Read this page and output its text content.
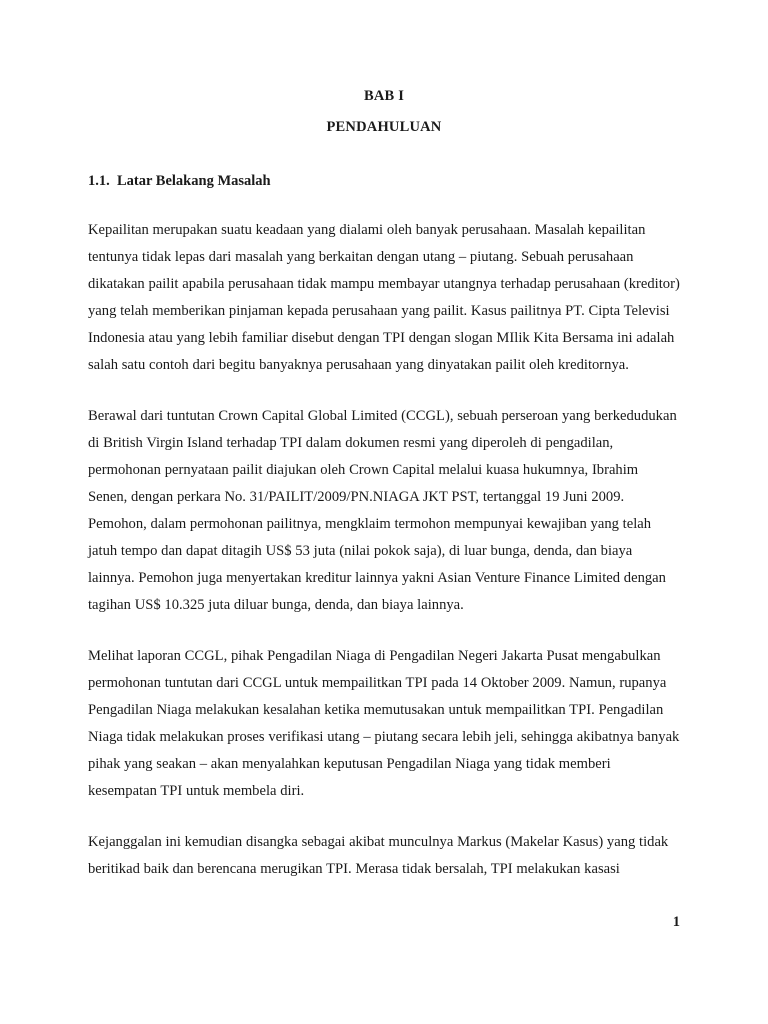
BAB I
PENDAHULUAN
1.1.  Latar Belakang Masalah

Kepailitan merupakan suatu keadaan yang dialami oleh banyak perusahaan. Masalah kepailitan tentunya tidak lepas dari masalah yang berkaitan dengan utang – piutang. Sebuah perusahaan dikatakan pailit apabila perusahaan tidak mampu membayar utangnya terhadap perusahaan (kreditor) yang telah memberikan pinjaman kepada perusahaan yang pailit. Kasus pailitnya PT. Cipta Televisi Indonesia atau yang lebih familiar disebut dengan TPI dengan slogan MIlik Kita Bersama ini adalah salah satu contoh dari begitu banyaknya perusahaan yang dinyatakan pailit oleh kreditornya.

Berawal dari tuntutan Crown Capital Global Limited (CCGL), sebuah perseroan yang berkedudukan di British Virgin Island terhadap TPI dalam dokumen resmi yang diperoleh di pengadilan, permohonan pernyataan pailit diajukan oleh Crown Capital melalui kuasa hukumnya, Ibrahim Senen, dengan perkara No. 31/PAILIT/2009/PN.NIAGA JKT PST, tertanggal 19 Juni 2009. Pemohon, dalam permohonan pailitnya, mengklaim termohon mempunyai kewajiban yang telah jatuh tempo dan dapat ditagih US$ 53 juta (nilai pokok saja), di luar bunga, denda, dan biaya lainnya. Pemohon juga menyertakan kreditur lainnya yakni Asian Venture Finance Limited dengan tagihan US$ 10.325 juta diluar bunga, denda, dan biaya lainnya.

Melihat laporan CCGL, pihak Pengadilan Niaga di Pengadilan Negeri Jakarta Pusat mengabulkan permohonan tuntutan dari CCGL untuk mempailitkan TPI pada 14 Oktober 2009. Namun, rupanya Pengadilan Niaga melakukan kesalahan ketika memutusakan untuk mempailitkan TPI. Pengadilan Niaga tidak melakukan proses verifikasi utang – piutang secara lebih jeli, sehingga akibatnya banyak pihak yang seakan – akan menyalahkan keputusan Pengadilan Niaga yang tidak memberi kesempatan TPI untuk membela diri.

Kejanggalan ini kemudian disangka sebagai akibat munculnya Markus (Makelar Kasus) yang tidak beritikad baik dan berencana merugikan TPI. Merasa tidak bersalah, TPI melakukan kasasi

1
